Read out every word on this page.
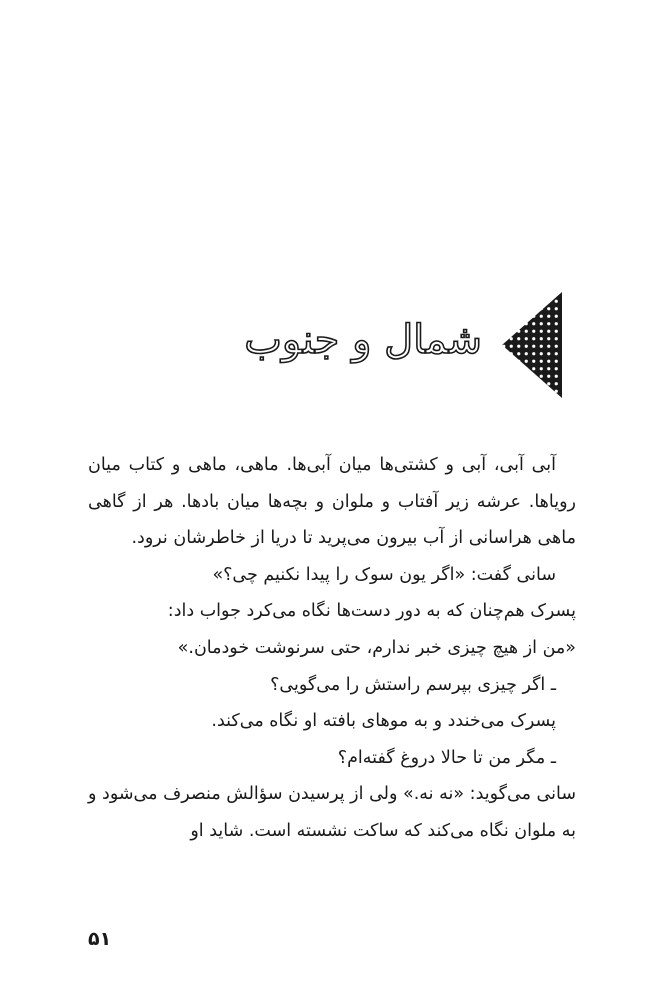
شمال و جنوب

آبی آبی، آبی و کشتی‌ها میان آبی‌ها. ماهی، ماهی و کتاب میان رویاها. عرشه زیر آفتاب و ملوان و بچه‌ها میان بادها. هر از گاهی ماهی هراسانی از آب بیرون می‌پرید تا دریا از خاطرشان نرود.

سانی گفت: «اگر یون سوک را پیدا نکنیم چی؟»

پسرک هم‌چنان که به دور دست‌ها نگاه می‌کرد جواب داد:

«من از هیچ چیزی خبر ندارم، حتی سرنوشت خودمان.»

ـ اگر چیزی بپرسم راستش را می‌گویی؟

پسرک می‌خندد و به موهای بافته او نگاه می‌کند.

ـ مگر من تا حالا دروغ گفته‌ام؟

سانی می‌گوید: «نه نه.» ولی از پرسیدن سؤالش منصرف می‌شود و به ملوان نگاه می‌کند که ساکت نشسته است. شاید او

۵۱
